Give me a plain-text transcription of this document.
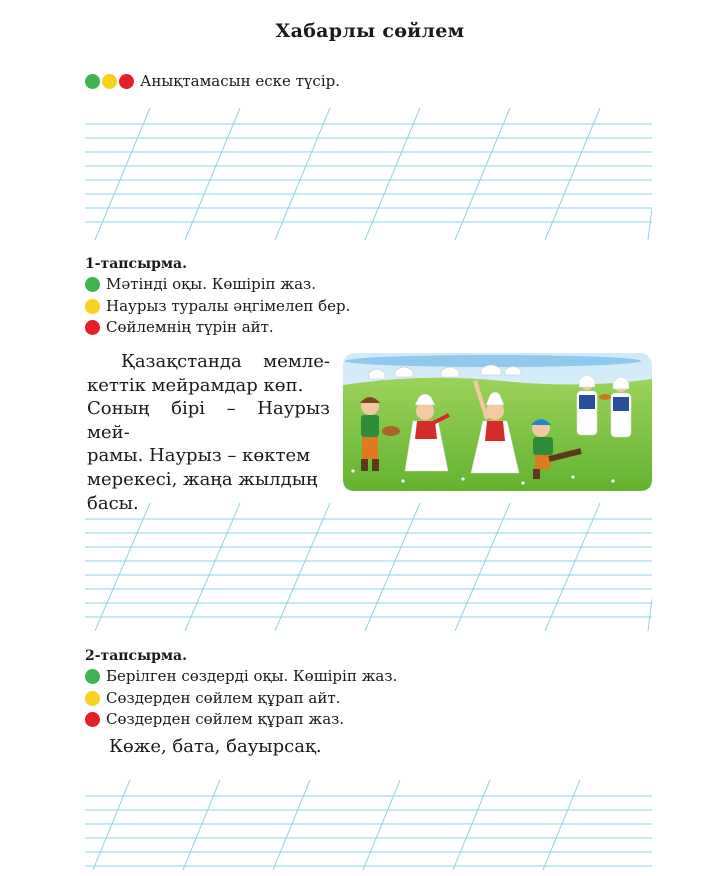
Хабарлы сөйлем
Анықтамасын еске түсір.
1-тапсырма.
Мәтінді оқы. Көшіріп жаз.
Наурыз туралы әңгімелеп бер.
Сөйлемнің түрін айт.
Қазақстанда	мемле-
кеттік мейрамдар көп.
Соның бірі – Наурыз мей-
рамы. Наурыз – көктем
мерекесі, жаңа жылдың
басы.
2-тапсырма.
Берілген сөздерді оқы. Көшіріп жаз.
Сөздерден сөйлем құрап айт.
Сөздерден сөйлем құрап жаз.
Көже, бата, бауырсақ.
